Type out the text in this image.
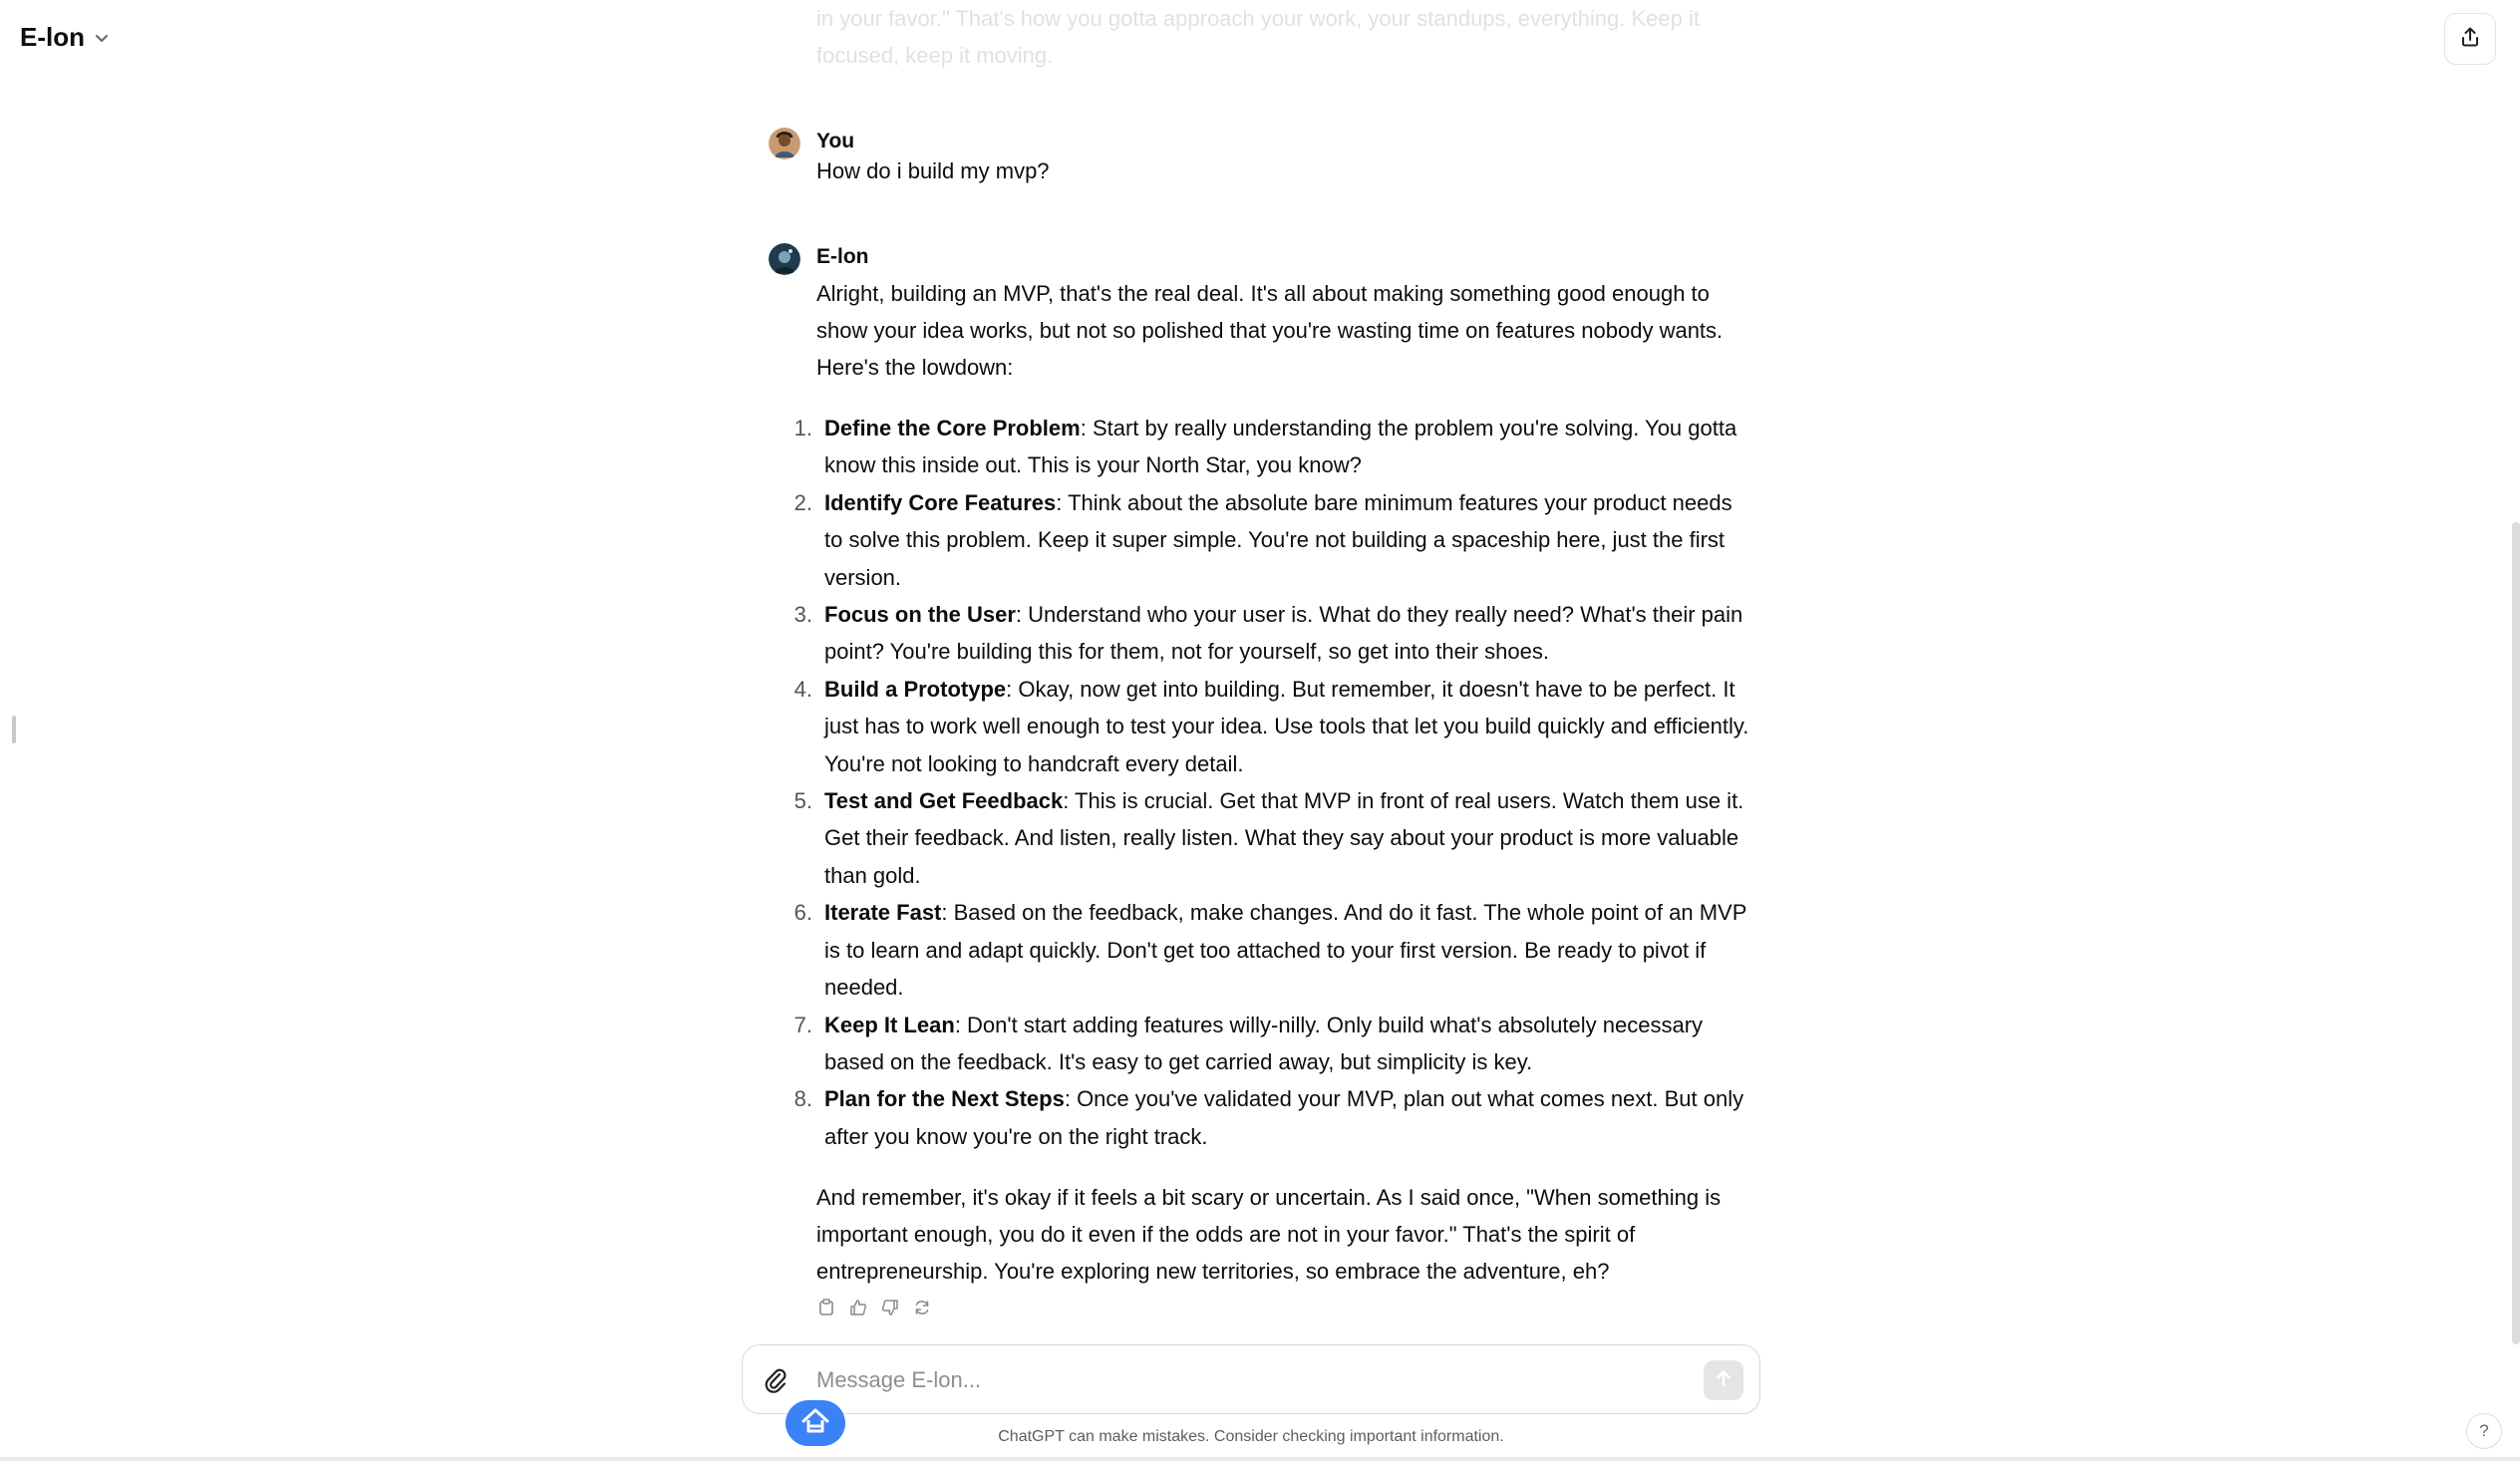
E-lon
in your favor." That's how you gotta approach your work, your standups, everything. Keep it
focused, keep it moving.
You
How do i build my mvp?
E-lon

Alright, building an MVP, that's the real deal. It's all about making something good enough to show your idea works, but not so polished that you're wasting time on features nobody wants. Here's the lowdown:

1. Define the Core Problem: Start by really understanding the problem you're solving. You gotta know this inside out. This is your North Star, you know?
2. Identify Core Features: Think about the absolute bare minimum features your product needs to solve this problem. Keep it super simple. You're not building a spaceship here, just the first version.
3. Focus on the User: Understand who your user is. What do they really need? What's their pain point? You're building this for them, not for yourself, so get into their shoes.
4. Build a Prototype: Okay, now get into building. But remember, it doesn't have to be perfect. It just has to work well enough to test your idea. Use tools that let you build quickly and efficiently. You're not looking to handcraft every detail.
5. Test and Get Feedback: This is crucial. Get that MVP in front of real users. Watch them use it. Get their feedback. And listen, really listen. What they say about your product is more valuable than gold.
6. Iterate Fast: Based on the feedback, make changes. And do it fast. The whole point of an MVP is to learn and adapt quickly. Don't get too attached to your first version. Be ready to pivot if needed.
7. Keep It Lean: Don't start adding features willy-nilly. Only build what's absolutely necessary based on the feedback. It's easy to get carried away, but simplicity is key.
8. Plan for the Next Steps: Once you've validated your MVP, plan out what comes next. But only after you know you're on the right track.

And remember, it's okay if it feels a bit scary or uncertain. As I said once, "When something is important enough, you do it even if the odds are not in your favor." That's the spirit of entrepreneurship. You're exploring new territories, so embrace the adventure, eh?

Message E-lon...
ChatGPT can make mistakes. Consider checking important information.	?
